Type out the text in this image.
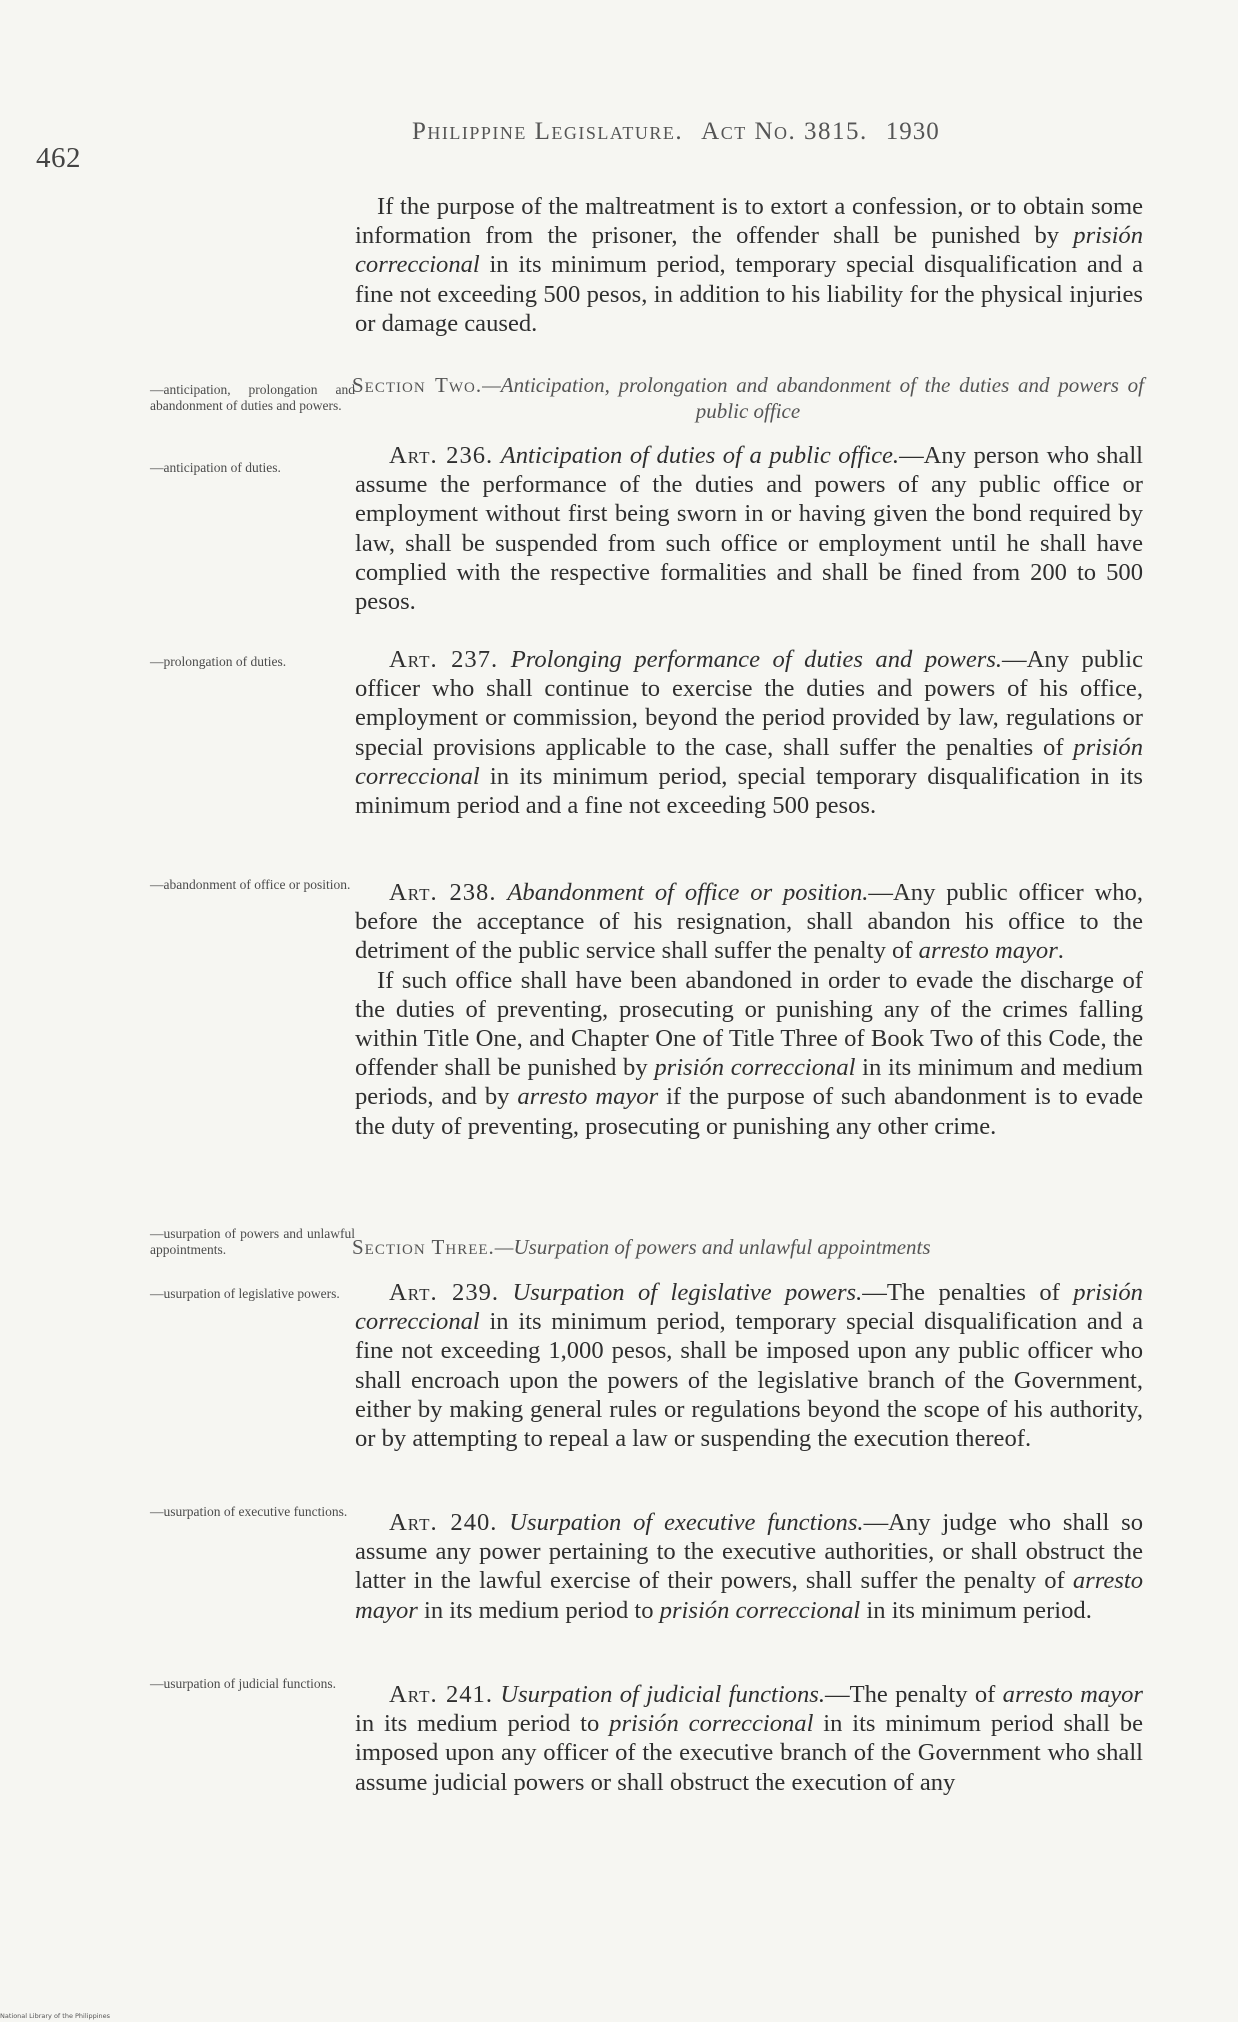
462
Philippine Legislature. Act No. 3815. 1930

If the purpose of the maltreatment is to extort a confession, or to obtain some information from the prisoner, the offender shall be punished by prisión correccional in its minimum period, temporary special disqualification and a fine not exceeding 500 pesos, in addition to his liability for the physical injuries or damage caused.

Section Two.—Anticipation, prolongation and abandonment of the duties and powers of public office

Art. 236. Anticipation of duties of a public office.—Any person who shall assume the performance of the duties and powers of any public office or employment without first being sworn in or having given the bond required by law, shall be suspended from such office or employment until he shall have complied with the respective formalities and shall be fined from 200 to 500 pesos.

Art. 237. Prolonging performance of duties and powers.—Any public officer who shall continue to exercise the duties and powers of his office, employment or commission, beyond the period provided by law, regulations or special provisions applicable to the case, shall suffer the penalties of prisión correccional in its minimum period, special temporary disqualification in its minimum period and a fine not exceeding 500 pesos.

Art. 238. Abandonment of office or position.—Any public officer who, before the acceptance of his resignation, shall abandon his office to the detriment of the public service shall suffer the penalty of arresto mayor.

If such office shall have been abandoned in order to evade the discharge of the duties of preventing, prosecuting or punishing any of the crimes falling within Title One, and Chapter One of Title Three of Book Two of this Code, the offender shall be punished by prisión correccional in its minimum and medium periods, and by arresto mayor if the purpose of such abandonment is to evade the duty of preventing, prosecuting or punishing any other crime.

Section Three.—Usurpation of powers and unlawful appointments

Art. 239. Usurpation of legislative powers.—The penalties of prisión correccional in its minimum period, temporary special disqualification and a fine not exceeding 1,000 pesos, shall be imposed upon any public officer who shall encroach upon the powers of the legislative branch of the Government, either by making general rules or regulations beyond the scope of his authority, or by attempting to repeal a law or suspending the execution thereof.

Art. 240. Usurpation of executive functions.—Any judge who shall so assume any power pertaining to the executive authorities, or shall obstruct the latter in the lawful exercise of their powers, shall suffer the penalty of arresto mayor in its medium period to prisión correccional in its minimum period.

Art. 241. Usurpation of judicial functions.—The penalty of arresto mayor in its medium period to prisión correccional in its minimum period shall be imposed upon any officer of the executive branch of the Government who shall assume judicial powers or shall obstruct the execution of any

—anticipation, prolongation and abandonment of duties and powers.
—anticipation of duties.
—prolongation of duties.
—abandonment of office or position.
—usurpation of powers and unlawful appointments.
—usurpation of legislative powers.
—usurpation of executive functions.
—usurpation of judicial functions.
National Library of the Philippines
